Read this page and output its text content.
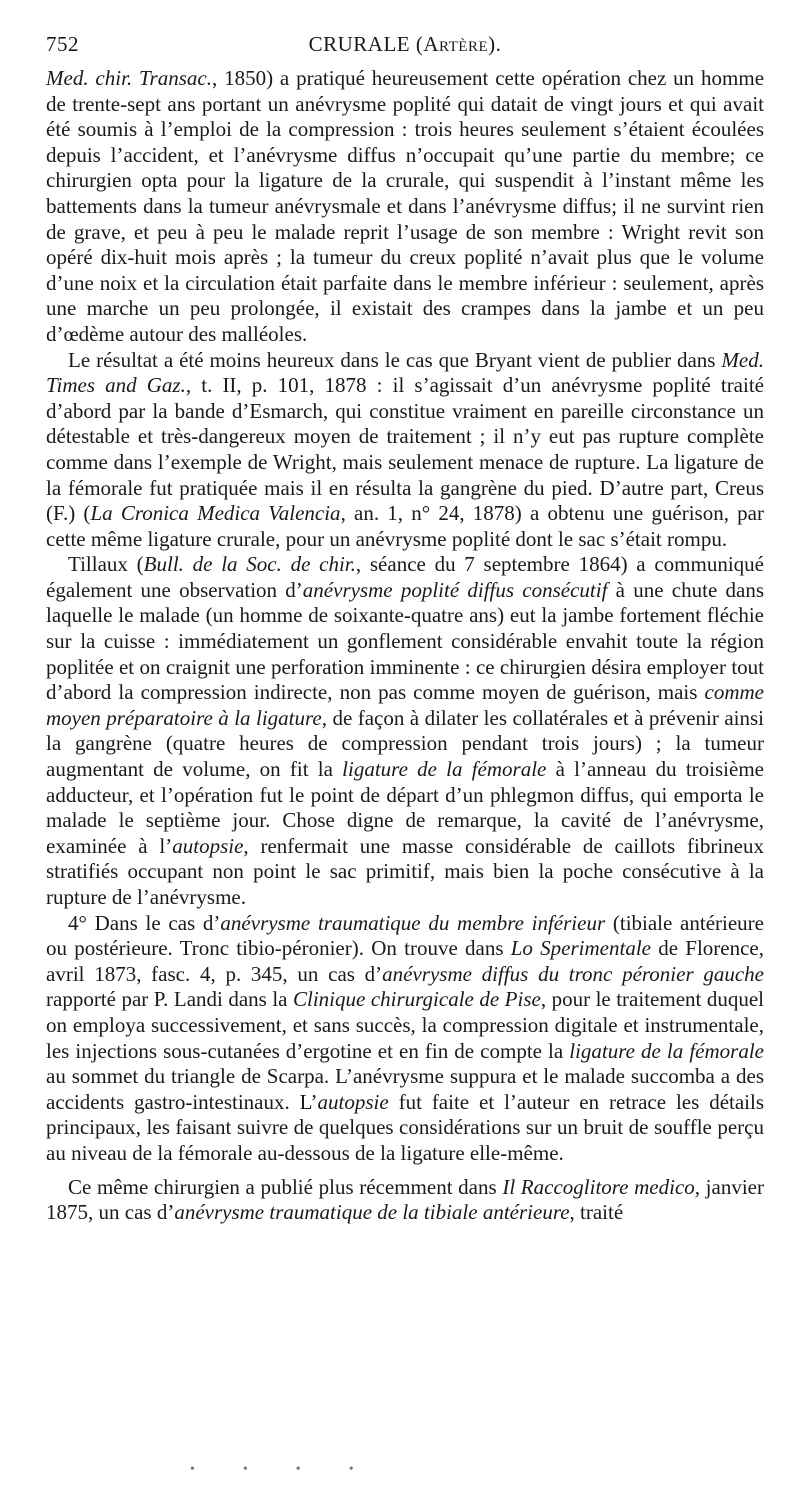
752	CRURALE (Artère).

Med. chir. Transac., 1850) a pratiqué heureusement cette opération chez un homme de trente-sept ans portant un anévrysme poplité qui datait de vingt jours et qui avait été soumis à l’emploi de la compression : trois heures seulement s’étaient écoulées depuis l’accident, et l’anévrysme diffus n’occupait qu’une partie du membre; ce chirurgien opta pour la ligature de la crurale, qui suspendit à l’instant même les battements dans la tumeur anévrysmale et dans l’anévrysme diffus; il ne survint rien de grave, et peu à peu le malade reprit l’usage de son membre : Wright revit son opéré dix-huit mois après ; la tumeur du creux poplité n’avait plus que le volume d’une noix et la circulation était parfaite dans le membre inférieur : seulement, après une marche un peu prolongée, il existait des crampes dans la jambe et un peu d’œdème autour des malléoles.

Le résultat a été moins heureux dans le cas que Bryant vient de publier dans Med. Times and Gaz., t. II, p. 101, 1878 : il s’agissait d’un anévrysme poplité traité d’abord par la bande d’Esmarch, qui constitue vraiment en pareille circonstance un détestable et très-dangereux moyen de traitement ; il n’y eut pas rupture complète comme dans l’exemple de Wright, mais seulement menace de rupture. La ligature de la fémorale fut pratiquée mais il en résulta la gangrène du pied. D’autre part, Creus (F.) (La Cronica Medica Valencia, an. 1, n° 24, 1878) a obtenu une guérison, par cette même ligature crurale, pour un anévrysme poplité dont le sac s’était rompu.

Tillaux (Bull. de la Soc. de chir., séance du 7 septembre 1864) a communiqué également une observation d’anévrysme poplité diffus consécutif à une chute dans laquelle le malade (un homme de soixante-quatre ans) eut la jambe fortement fléchie sur la cuisse : immédiatement un gonflement considérable envahit toute la région poplitée et on craignit une perforation imminente : ce chirurgien désira employer tout d’abord la compression indirecte, non pas comme moyen de guérison, mais comme moyen préparatoire à la ligature, de façon à dilater les collatérales et à prévenir ainsi la gangrène (quatre heures de compression pendant trois jours) ; la tumeur augmentant de volume, on fit la ligature de la fémorale à l’anneau du troisième adducteur, et l’opération fut le point de départ d’un phlegmon diffus, qui emporta le malade le septième jour. Chose digne de remarque, la cavité de l’anévrysme, examinée à l’autopsie, renfermait une masse considérable de caillots fibrineux stratifiés occupant non point le sac primitif, mais bien la poche consécutive à la rupture de l’anévrysme.

4° Dans le cas d’anévrysme traumatique du membre inférieur (tibiale antérieure ou postérieure. Tronc tibio-péronier). On trouve dans Lo Sperimentale de Florence, avril 1873, fasc. 4, p. 345, un cas d’anévrysme diffus du tronc péronier gauche rapporté par P. Landi dans la Clinique chirurgicale de Pise, pour le traitement duquel on employa successivement, et sans succès, la compression digitale et instrumentale, les injections sous-cutanées d’ergotine et en fin de compte la ligature de la fémorale au sommet du triangle de Scarpa. L’anévrysme suppura et le malade succomba a des accidents gastro-intestinaux. L’autopsie fut faite et l’auteur en retrace les détails principaux, les faisant suivre de quelques considérations sur un bruit de souffle perçu au niveau de la fémorale au-dessous de la ligature elle-même.

Ce même chirurgien a publié plus récemment dans Il Raccoglitore medico, janvier 1875, un cas d’anévrysme traumatique de la tibiale antérieure, traité

••••
